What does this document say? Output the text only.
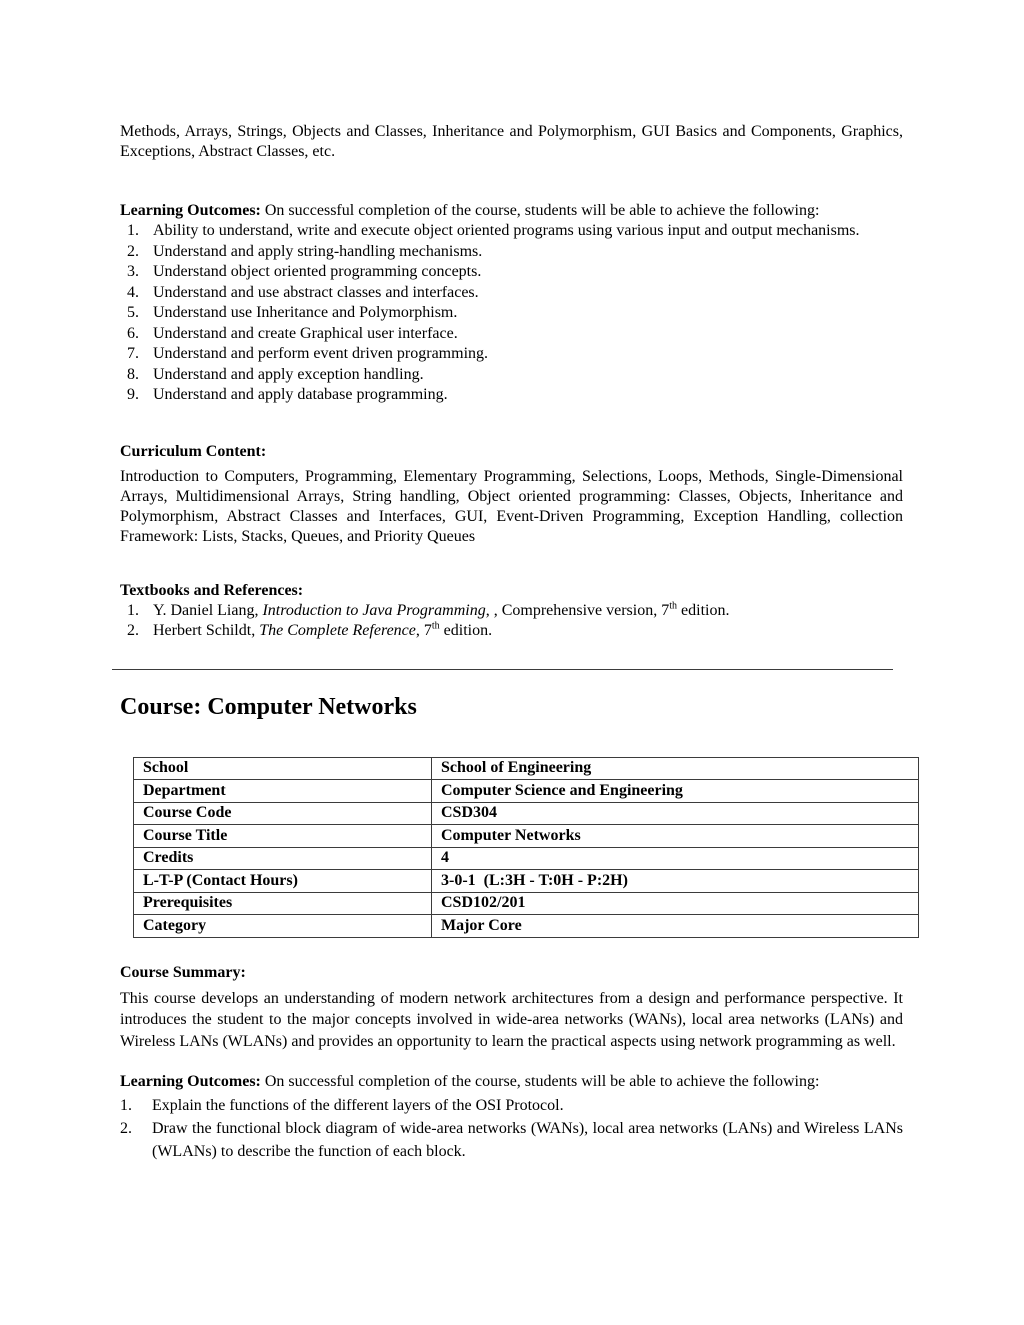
Methods, Arrays, Strings, Objects and Classes, Inheritance and Polymorphism, GUI Basics and Components, Graphics, Exceptions, Abstract Classes, etc.

Learning Outcomes: On successful completion of the course, students will be able to achieve the following:

Ability to understand, write and execute object oriented programs using various input and output mechanisms.
Understand and apply string-handling mechanisms.
Understand object oriented programming concepts.
Understand and use abstract classes and interfaces.
Understand use Inheritance and Polymorphism.
Understand and create Graphical user interface.
Understand and perform event driven programming.
Understand and apply exception handling.
Understand and apply database programming.

Curriculum Content:

Introduction to Computers, Programming, Elementary Programming, Selections, Loops, Methods, Single-Dimensional Arrays, Multidimensional Arrays, String handling, Object oriented programming: Classes, Objects, Inheritance and Polymorphism, Abstract Classes and Interfaces, GUI, Event-Driven Programming, Exception Handling, collection Framework: Lists, Stacks, Queues, and Priority Queues

Textbooks and References:

Y. Daniel Liang, Introduction to Java Programming, , Comprehensive version, 7th edition.
Herbert Schildt, The Complete Reference, 7th edition.
Course: Computer Networks
School	School of Engineering
Department	Computer Science and Engineering
Course Code	CSD304
Course Title	Computer Networks
Credits	4
L-T-P (Contact Hours)	3-0-1  (L:3H - T:0H - P:2H)
Prerequisites	CSD102/201
Category	Major Core

Course Summary:

This course develops an understanding of modern network architectures from a design and performance perspective. It introduces the student to the major concepts involved in wide-area networks (WANs), local area networks (LANs) and Wireless LANs (WLANs) and provides an opportunity to learn the practical aspects using network programming as well.

Learning Outcomes: On successful completion of the course, students will be able to achieve the following:

Explain the functions of the different layers of the OSI Protocol.
Draw the functional block diagram of wide-area networks (WANs), local area networks (LANs) and Wireless LANs (WLANs) to describe the function of each block.
